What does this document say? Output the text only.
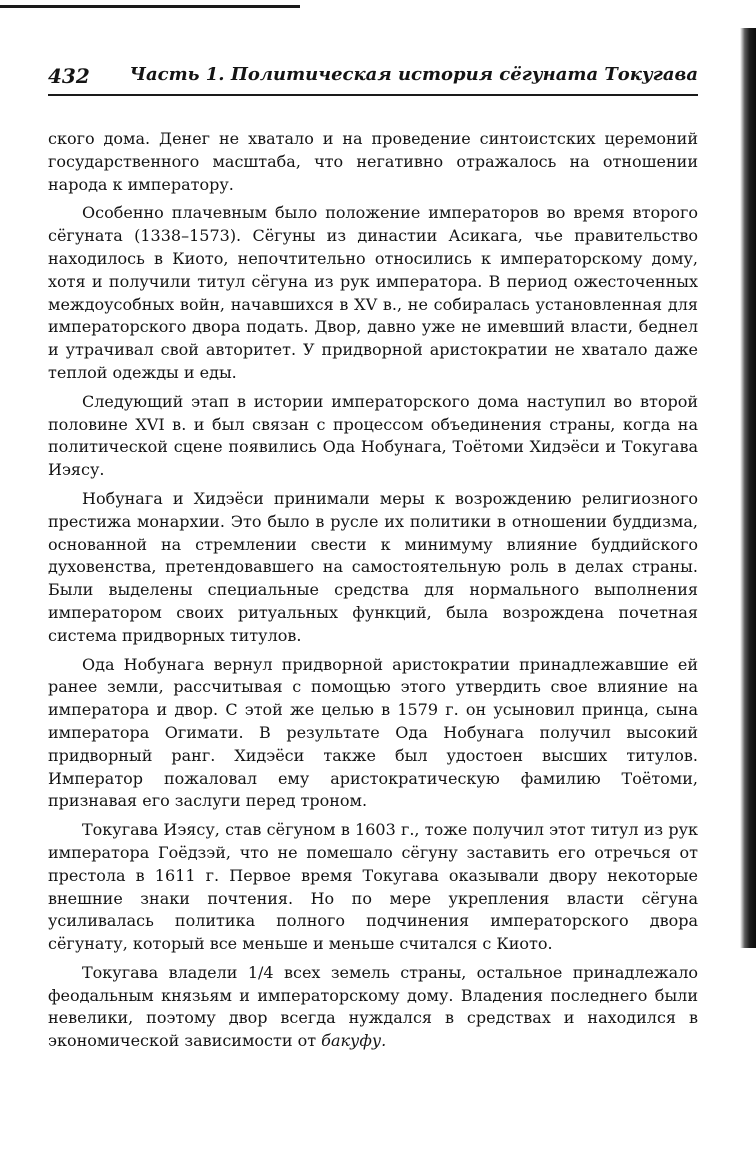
432 Часть 1. Политическая история сёгуната Токугава

ского дома. Денег не хватало и на проведение синтоистских церемоний государственного масштаба, что негативно отражалось на отношении народа к императору.

Особенно плачевным было положение императоров во время второго сёгуната (1338–1573). Сёгуны из династии Асикага, чье правительство находилось в Киото, непочтительно относились к императорскому дому, хотя и получили титул сёгуна из рук императора. В период ожесточенных междоусобных войн, начавшихся в XV в., не собиралась установленная для императорского двора подать. Двор, давно уже не имевший власти, беднел и утрачивал свой авторитет. У придворной аристократии не хватало даже теплой одежды и еды.

Следующий этап в истории императорского дома наступил во второй половине XVI в. и был связан с процессом объединения страны, когда на политической сцене появились Ода Нобунага, Тоётоми Хидэёси и Токугава Иэясу.

Нобунага и Хидэёси принимали меры к возрождению религиозного престижа монархии. Это было в русле их политики в отношении буддизма, основанной на стремлении свести к минимуму влияние буддийского духовенства, претендовавшего на самостоятельную роль в делах страны. Были выделены специальные средства для нормального выполнения императором своих ритуальных функций, была возрождена почетная система придворных титулов.

Ода Нобунага вернул придворной аристократии принадлежавшие ей ранее земли, рассчитывая с помощью этого утвердить свое влияние на императора и двор. С этой же целью в 1579 г. он усыновил принца, сына императора Огимати. В результате Ода Нобунага получил высокий придворный ранг. Хидэёси также был удостоен высших титулов. Император пожаловал ему аристократическую фамилию Тоётоми, признавая его заслуги перед троном.

Токугава Иэясу, став сёгуном в 1603 г., тоже получил этот титул из рук императора Гоёдзэй, что не помешало сёгуну заставить его отречься от престола в 1611 г. Первое время Токугава оказывали двору некоторые внешние знаки почтения. Но по мере укрепления власти сёгуна усиливалась политика полного подчинения императорского двора сёгунату, который все меньше и меньше считался с Киото.

Токугава владели 1/4 всех земель страны, остальное принадлежало феодальным князьям и императорскому дому. Владения последнего были невелики, поэтому двор всегда нуждался в средствах и находился в экономической зависимости от бакуфу.
